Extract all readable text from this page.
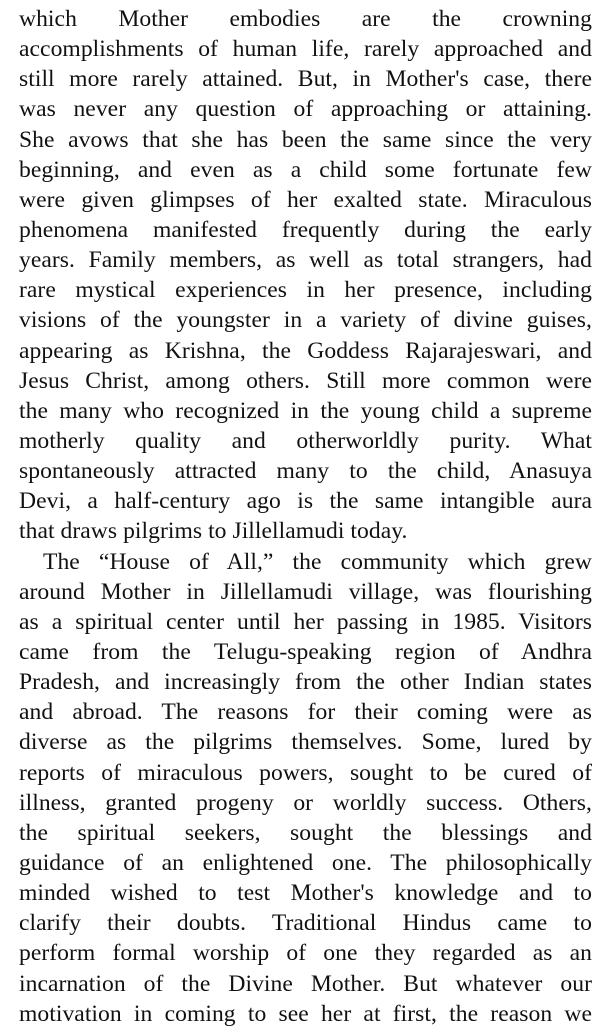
which Mother embodies are the crowning
accomplishments of human life, rarely approached and
still more rarely attained. But, in Mother's case, there
was never any question of approaching or attaining.
She avows that she has been the same since the very
beginning, and even as a child some fortunate few
were given glimpses of her exalted state. Miraculous
phenomena manifested frequently during the early
years. Family members, as well as total strangers, had
rare mystical experiences in her presence, including
visions of the youngster in a variety of divine guises,
appearing as Krishna, the Goddess Rajarajeswari, and
Jesus Christ, among others. Still more common were
the many who recognized in the young child a supreme
motherly quality and otherworldly purity. What
spontaneously attracted many to the child, Anasuya
Devi, a half-century ago is the same intangible aura
that draws pilgrims to Jillellamudi today.
The “House of All,” the community which grew
around Mother in Jillellamudi village, was flourishing
as a spiritual center until her passing in 1985. Visitors
came from the Telugu-speaking region of Andhra
Pradesh, and increasingly from the other Indian states
and abroad. The reasons for their coming were as
diverse as the pilgrims themselves. Some, lured by
reports of miraculous powers, sought to be cured of
illness, granted progeny or worldly success. Others,
the spiritual seekers, sought the blessings and
guidance of an enlightened one. The philosophically
minded wished to test Mother's knowledge and to
clarify their doubts. Traditional Hindus came to
perform formal worship of one they regarded as an
incarnation of the Divine Mother. But whatever our
motivation in coming to see her at first, the reason we
